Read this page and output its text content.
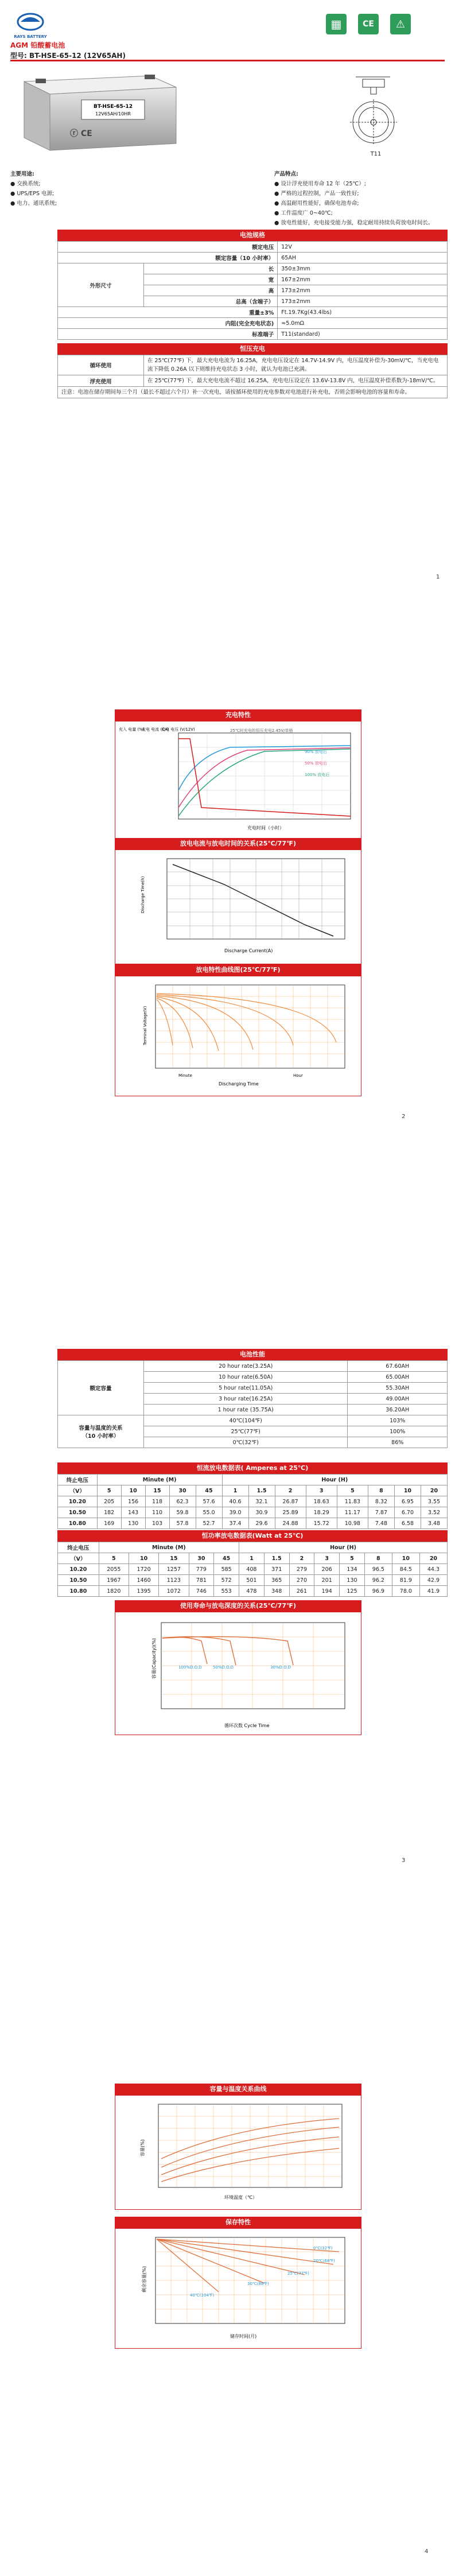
RAYS BATTERY
AGM 铅酸蓄电池
型号: BT-HSE-65-12 (12V65AH)
▦	CE ⚠
BT-HSE-65-12
12V65AH/10HR
ⓡ CE
T11
主要用途:
● 交换系统;
● UPS/EPS 电源;
● 电力、通讯系统;
产品特点:
● 设计浮充使用寿命 12 年（25℃）;
● 严格的过程控制，产品一致性好;
● 高温耐用性能好，确保电池寿命;
● 工作温度广 0~40℃;
● 放电性能好，充电接受能力强，稳定耐用持续负荷放电时间长。
电池规格
额定电压		12V
额定容量（10 小时率）		65AH
外形尺寸	长	350±3mm
	宽	167±2mm
	高	173±2mm
	总高（含端子）	173±2mm
重量±3%		Ft.19.7Kg(43.4lbs)
内阻(完全充电状态)		≈5.0mΩ
标准端子		T11(standard)
恒压充电
循环使用	在 25℃(77℉) 下，最大充电电流为 16.25A，充电电压设定在 14.7V-14.9V 内，电压温度补偿为-30mV/℃，当充电电流下降低 0.26A 以下则维持充电状态 3 小时，就认为电池已充满。
浮充使用	在 25℃(77℉) 下，最大充电电流不超过 16.25A，充电电压设定在 13.6V-13.8V 内，电压温度补偿系数为-18mV/℃。
注意：电池在储存期间每三个月（最长不超过六个月）补一次充电，请按循环使用的充电参数对电池进行补充电，否则会影响电池的容量和寿命。	
1
充电特性
充入 电量 (%)
充电 电流 (CA)
充电 电压 (V/12V)	25℃时充电的恒压充电2.45V/单格
90% 放电后
50% 放电后
100% 放电后
充电时间（小时）
放电电流与放电时间的关系(25℃/77℉)
Discharge Time(h)
Discharge Current(A)
放电特性曲线图(25℃/77℉)
Terminal Voltage(V)
Minute	Hour
Discharging Time
2
电池性能
额定容量	20 hour rate(3.25A)	67.60AH
	10 hour rate(6.50A)	65.00AH
	5 hour rate(11.05A)	55.30AH
	3 hour rate(16.25A)	49.00AH
	1 hour rate (35.75A)	36.20AH
容量与温度的关系
（10 小时率）	40℃(104℉)	103%
	25℃(77℉)	100%
	0℃(32℉)	86%
恒流放电数据表( Amperes at 25℃)
终止电压	Minute (M)					Hour (H)							
（V）	5	10	15	30	45	1	1.5	2	3	5	8	10	20
10.20	205	156	118	62.3	57.6	40.6	32.1	26.87	18.63	11.83	8.32	6.95	3.55
10.50	182	143	110	59.8	55.0	39.0	30.9	25.89	18.29	11.17	7.87	6.70	3.52
10.80	169	130	103	57.8	52.7	37.4	29.6	24.88	15.72	10.98	7.48	6.58	3.48
恒功率放电数据表(Watt at 25℃)
终止电压	Minute (M)					Hour (H)							
（V）	5	10	15	30	45	1	1.5	2	3	5	8	10	20
10.20	2055	1720	1257	779	585	408	371	279	206	134	96.5	84.5	44.3
10.50	1967	1460	1123	781	572	501	365	270	201	130	96.2	81.9	42.9
10.80	1820	1395	1072	746	553	478	348	261	194	125	96.9	78.0	41.9
使用寿命与放电深度的关系(25℃/77℉)
100%D.O.D	50%D.O.D	30%D.O.D
容量(Capacity)(%)
循环次数 Cycle Time
3
容量与温度关系曲线
容量(%)
环境温度（℃）
保存特性
0℃(32℉)
20℃(68℉)
25℃(77℉)
30℃(86℉)
40℃(104℉)
剩余容量(%)
储存时间(月)
4
